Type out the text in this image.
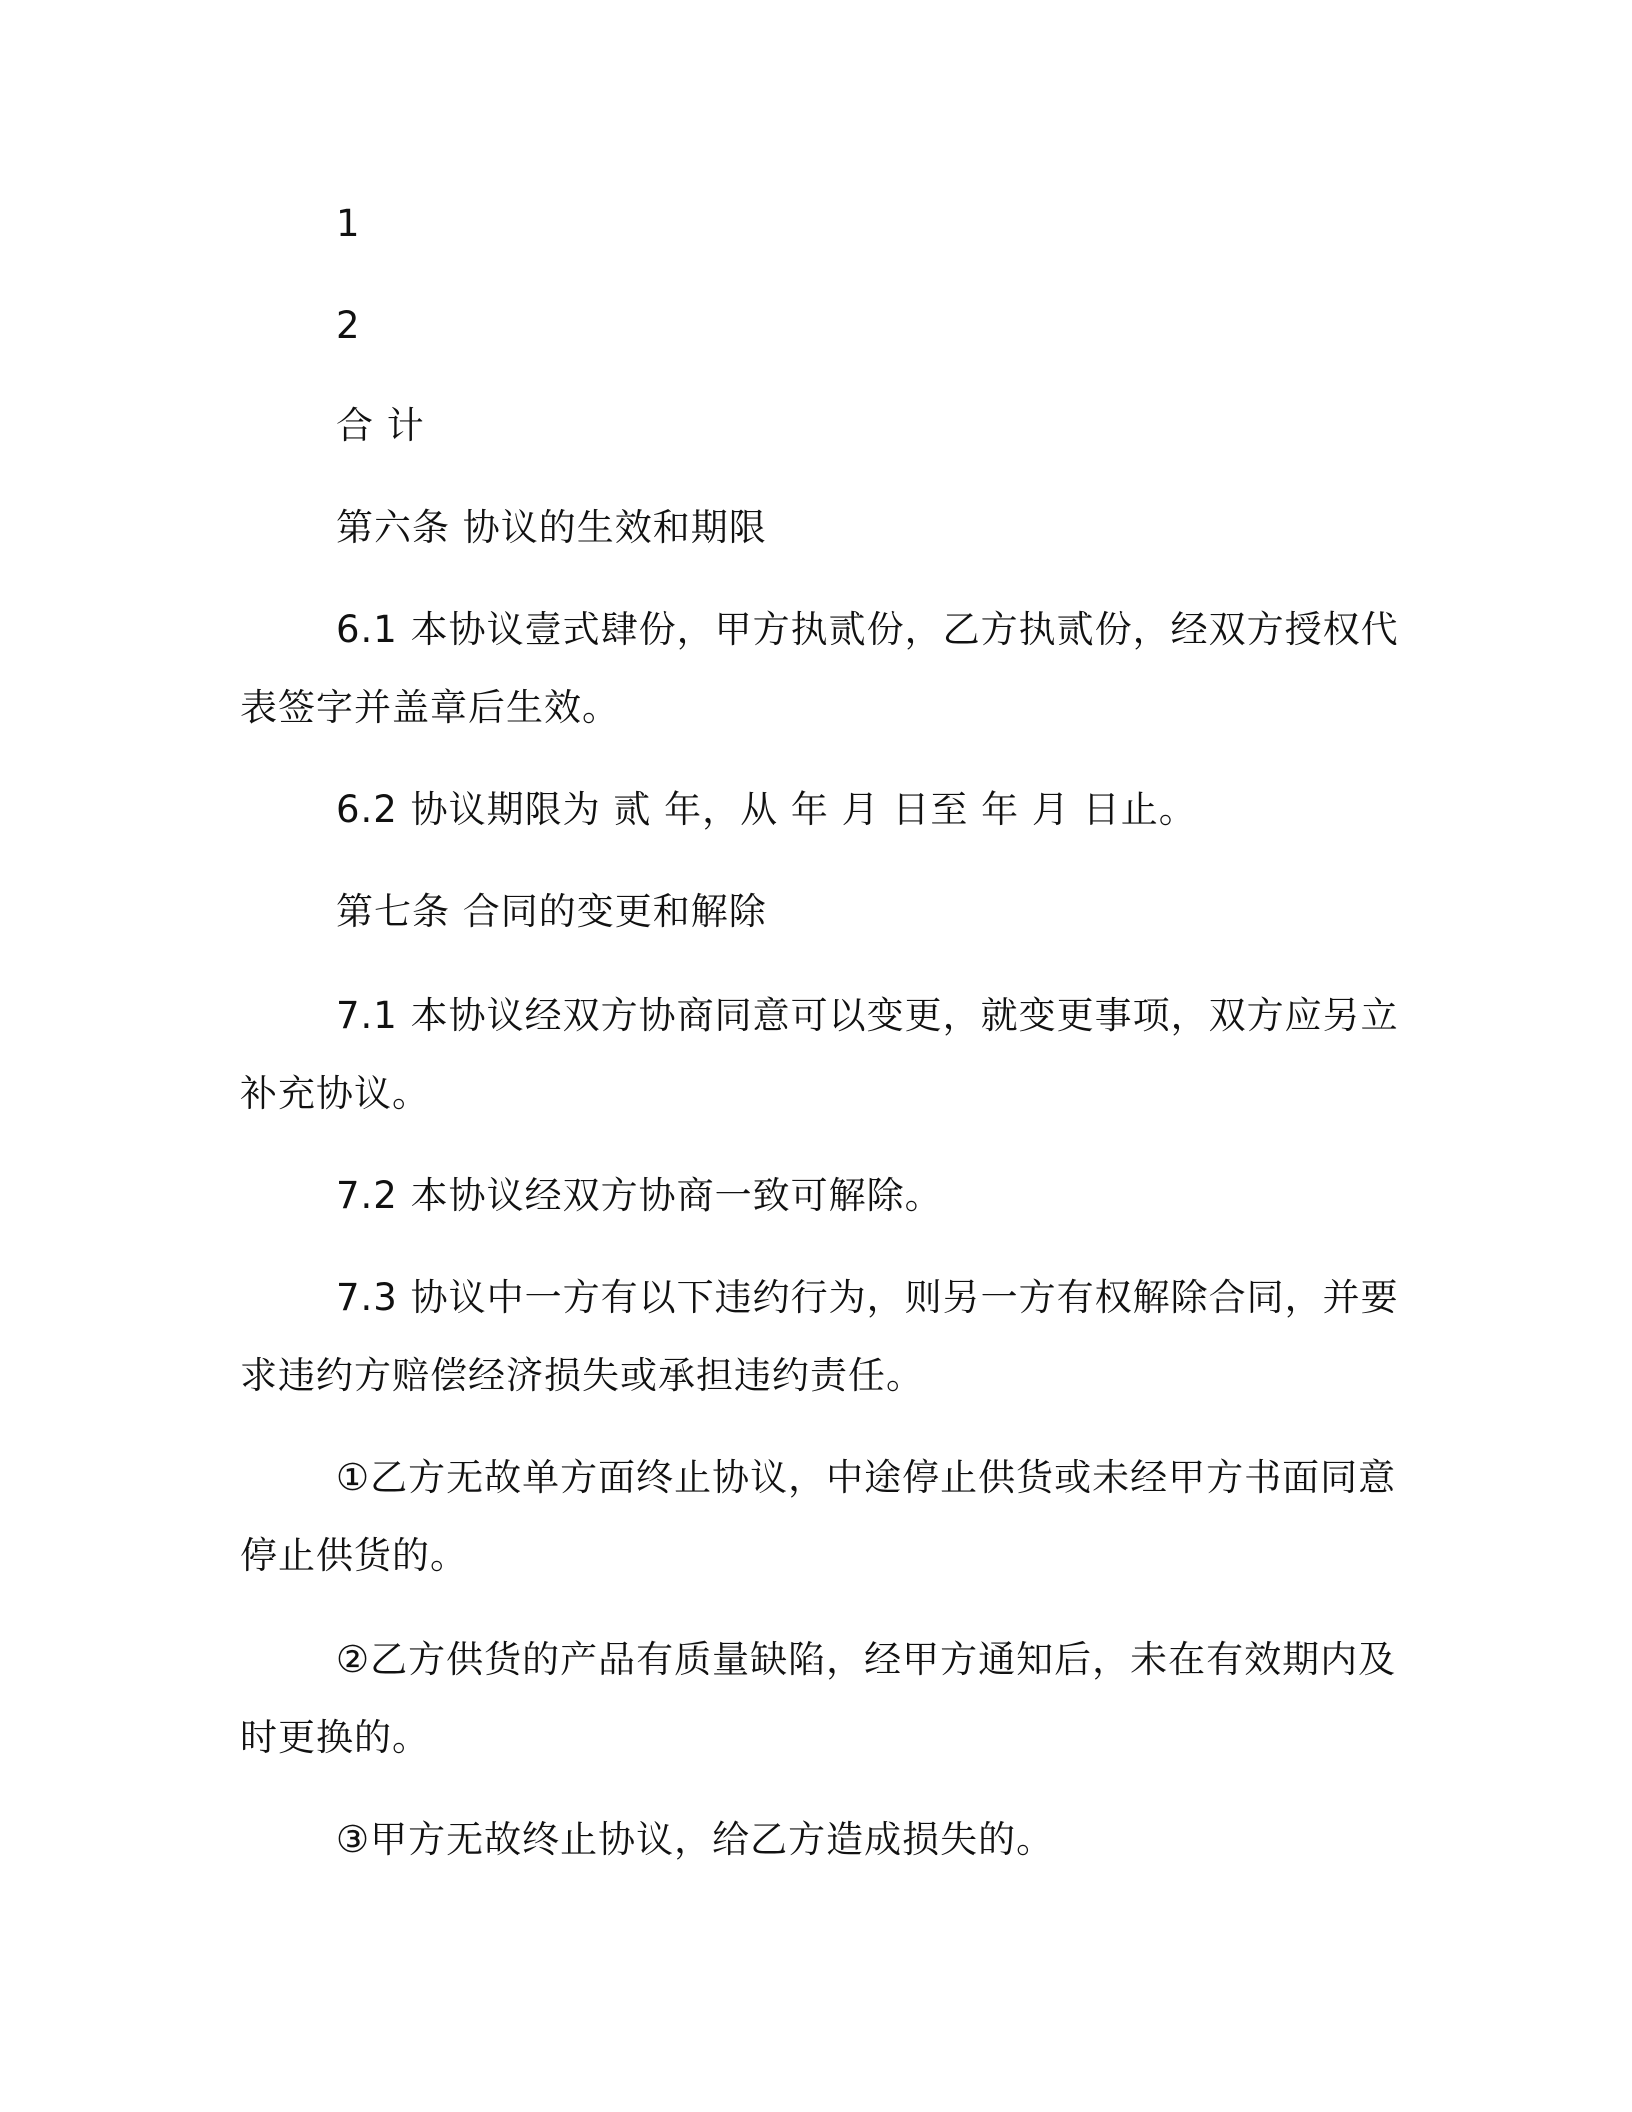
1
2
合 计
第六条 协议的生效和期限
6.1 本协议壹式肆份，甲方执贰份，乙方执贰份，经双方授权代
表签字并盖章后生效。
6.2 协议期限为 贰 年，从 年 月 日至 年 月 日止。
第七条 合同的变更和解除
7.1 本协议经双方协商同意可以变更，就变更事项，双方应另立
补充协议。
7.2 本协议经双方协商一致可解除。
7.3 协议中一方有以下违约行为，则另一方有权解除合同，并要
求违约方赔偿经济损失或承担违约责任。
①乙方无故单方面终止协议，中途停止供货或未经甲方书面同意
停止供货的。
②乙方供货的产品有质量缺陷，经甲方通知后，未在有效期内及
时更换的。
③甲方无故终止协议，给乙方造成损失的。
